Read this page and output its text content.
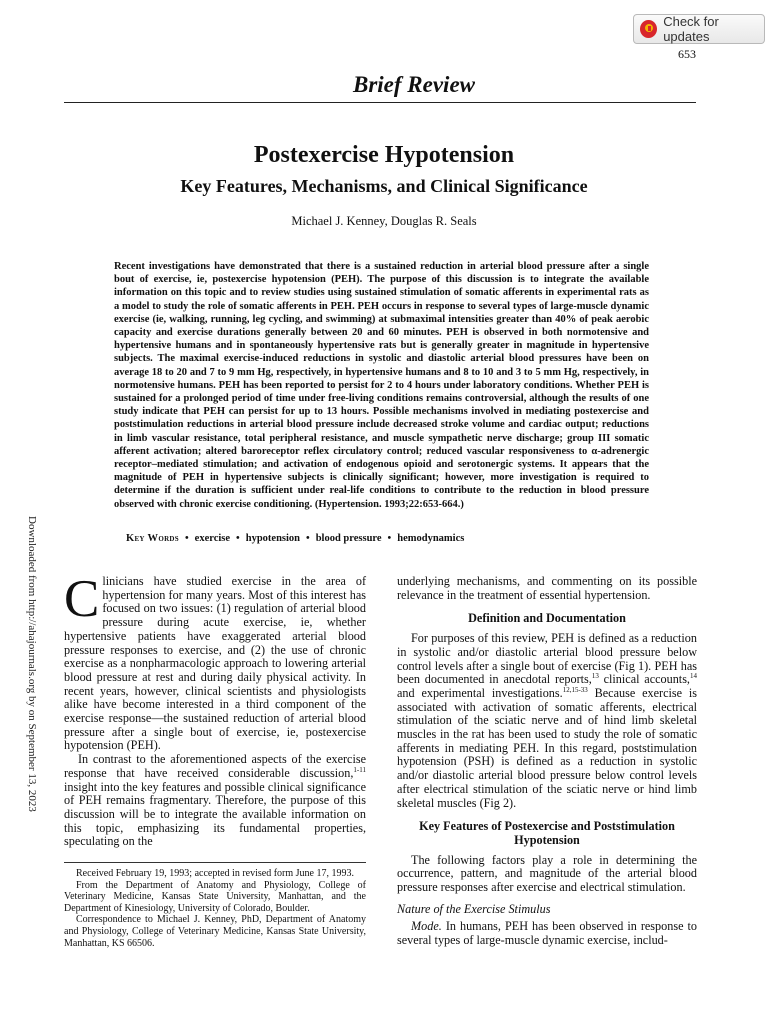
Check for updates
653
Brief Review
Postexercise Hypotension
Key Features, Mechanisms, and Clinical Significance
Michael J. Kenney, Douglas R. Seals

Recent investigations have demonstrated that there is a sustained reduction in arterial blood pressure after a single bout of exercise, ie, postexercise hypotension (PEH). The purpose of this discussion is to integrate the available information on this topic and to review studies using sustained stimulation of somatic afferents in experimental rats as a model to study the role of somatic afferents in PEH. PEH occurs in response to several types of large-muscle dynamic exercise (ie, walking, running, leg cycling, and swimming) at submaximal intensities greater than 40% of peak aerobic capacity and exercise durations generally between 20 and 60 minutes. PEH is observed in both normotensive and hypertensive humans and in spontaneously hypertensive rats but is generally greater in magnitude in hypertensive subjects. The maximal exercise-induced reductions in systolic and diastolic arterial blood pressures have been on average 18 to 20 and 7 to 9 mm Hg, respectively, in hypertensive humans and 8 to 10 and 3 to 5 mm Hg, respectively, in normotensive humans. PEH has been reported to persist for 2 to 4 hours under laboratory conditions. Whether PEH is sustained for a prolonged period of time under free-living conditions remains controversial, although the results of one study indicate that PEH can persist for up to 13 hours. Possible mechanisms involved in mediating postexercise and poststimulation reductions in arterial blood pressure include decreased stroke volume and cardiac output; reductions in limb vascular resistance, total peripheral resistance, and muscle sympathetic nerve discharge; group III somatic afferent activation; altered baroreceptor reflex circulatory control; reduced vascular responsiveness to α-adrenergic receptor–mediated stimulation; and activation of endogenous opioid and serotonergic systems. It appears that the magnitude of PEH in hypertensive subjects is clinically significant; however, more investigation is required to determine if the duration is sufficient under real-life conditions to contribute to the reduction in blood pressure observed with chronic exercise conditioning. (Hypertension. 1993;22:653-664.)

Key Words • exercise • hypotension • blood pressure • hemodynamics
Downloaded from http://ahajournals.org by on September 13, 2023 Clinicians have studied exercise in the area of hypertension for many years. Most of this interest has focused on two issues: (1) regulation of arterial blood pressure during acute exercise, ie, whether hypertensive patients have exaggerated arterial blood pressure responses to exercise, and (2) the use of chronic exercise as a nonpharmacologic approach to lowering arterial blood pressure at rest and during daily physical activity. In recent years, however, clinical scientists and physiologists alike have become interested in a third component of the exercise response—the sustained reduction of arterial blood pressure after a single bout of exercise, ie, postexercise hypotension (PEH).

In contrast to the aforementioned aspects of the exercise response that have received considerable discussion,$^{1-11}$ insight into the key features and possible clinical significance of PEH remains fragmentary. Therefore, the purpose of this discussion will be to integrate the available information on this topic, emphasizing its fundamental properties, speculating on the

underlying mechanisms, and commenting on its possible relevance in the treatment of essential hypertension.

Definition and Documentation

For purposes of this review, PEH is defined as a reduction in systolic and/or diastolic arterial blood pressure below control levels after a single bout of exercise (Fig 1). PEH has been documented in anecdotal reports,$^{13}$ clinical accounts,$^{14}$ and experimental investigations.$^{12,15-33}$ Because exercise is associated with activation of somatic afferents, electrical stimulation of the sciatic nerve and of hind limb skeletal muscles in the rat has been used to study the role of somatic afferents in mediating PEH. In this regard, poststimulation hypotension (PSH) is defined as a reduction in systolic and/or diastolic arterial blood pressure below control levels after electrical stimulation of the sciatic nerve or hind limb skeletal muscles (Fig 2).

Key Features of Postexercise and Poststimulation Hypotension

The following factors play a role in determining the occurrence, pattern, and magnitude of the arterial blood pressure responses after exercise and electrical stimulation.

Nature of the Exercise Stimulus

Mode. In humans, PEH has been observed in response to several types of large-muscle dynamic exercise, includ-

Received February 19, 1993; accepted in revised form June 17, 1993.

From the Department of Anatomy and Physiology, College of Veterinary Medicine, Kansas State University, Manhattan, and the Department of Kinesiology, University of Colorado, Boulder.

Correspondence to Michael J. Kenney, PhD, Department of Anatomy and Physiology, College of Veterinary Medicine, Kansas State University, Manhattan, KS 66506.
